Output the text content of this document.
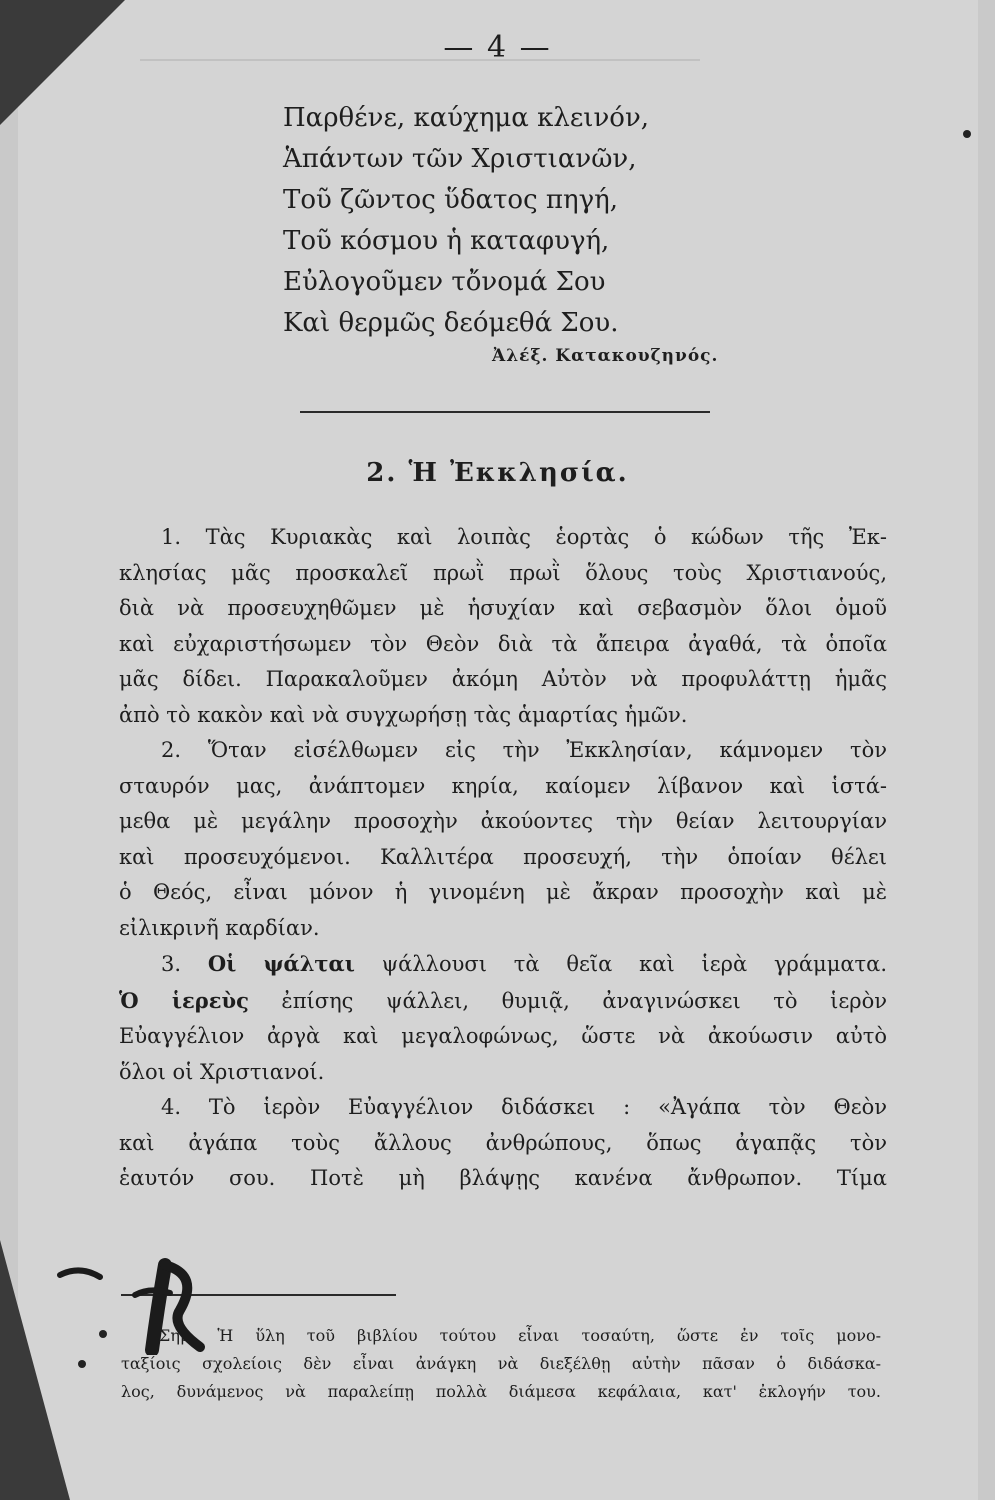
— 4 —
Παρθένε, καύχημα κλεινόν,
Ἁπάντων τῶν Χριστιανῶν,
Τοῦ ζῶντος ὕδατος πηγή,
Τοῦ κόσμου ἡ καταφυγή,
Εὐλογοῦμεν τὄνομά Σου
Καὶ θερμῶς δεόμεθά Σου.
Ἀλέξ. Κατακουζηνός.
2. Ἡ Ἐκκλησία.
1. Τὰς Κυριακὰς καὶ λοιπὰς ἑορτὰς ὁ κώδων τῆς Ἐκ-
κλησίας μᾶς προσκαλεῖ πρωῒ πρωῒ ὅλους τοὺς Χριστιανούς,
διὰ νὰ προσευχηθῶμεν μὲ ἡσυχίαν καὶ σεβασμὸν ὅλοι ὁμοῦ
καὶ εὐχαριστήσωμεν τὸν Θεὸν διὰ τὰ ἄπειρα ἀγαθά, τὰ ὁποῖα
μᾶς δίδει. Παρακαλοῦμεν ἀκόμη Αὐτὸν νὰ προφυλάττῃ ἡμᾶς
ἀπὸ τὸ κακὸν καὶ νὰ συγχωρήσῃ τὰς ἁμαρτίας ἡμῶν.
2. Ὅταν εἰσέλθωμεν εἰς τὴν Ἐκκλησίαν, κάμνομεν τὸν
σταυρόν μας, ἀνάπτομεν κηρία, καίομεν λίβανον καὶ ἱστά-
μεθα μὲ μεγάλην προσοχὴν ἀκούοντες τὴν θείαν λειτουργίαν
καὶ προσευχόμενοι. Καλλιτέρα προσευχή, τὴν ὁποίαν θέλει
ὁ Θεός, εἶναι μόνον ἡ γινομένη μὲ ἄκραν προσοχὴν καὶ μὲ
εἰλικρινῆ καρδίαν.
3. Οἱ ψάλται ψάλλουσι τὰ θεῖα καὶ ἱερὰ γράμματα.
Ὁ ἱερεὺς ἐπίσης ψάλλει, θυμιᾷ, ἀναγινώσκει τὸ ἱερὸν
Εὐαγγέλιον ἀργὰ καὶ μεγαλοφώνως, ὥστε νὰ ἀκούωσιν αὐτὸ
ὅλοι οἱ Χριστιανοί.
4. Τὸ ἱερὸν Εὐαγγέλιον διδάσκει : «Ἀγάπα τὸν Θεὸν
καὶ ἀγάπα τοὺς ἄλλους ἀνθρώπους, ὅπως ἀγαπᾷς τὸν
ἑαυτόν σου. Ποτὲ μὴ βλάψῃς κανένα ἄνθρωπον. Τίμα
Σημ. Ἡ ὕλη τοῦ βιβλίου τούτου εἶναι τοσαύτη, ὥστε ἐν τοῖς μονο-
ταξίοις σχολείοις δὲν εἶναι ἀνάγκη νὰ διεξέλθῃ αὐτὴν πᾶσαν ὁ διδάσκα-
λος, δυνάμενος νὰ παραλείπῃ πολλὰ διάμεσα κεφάλαια, κατ' ἐκλογήν του.
